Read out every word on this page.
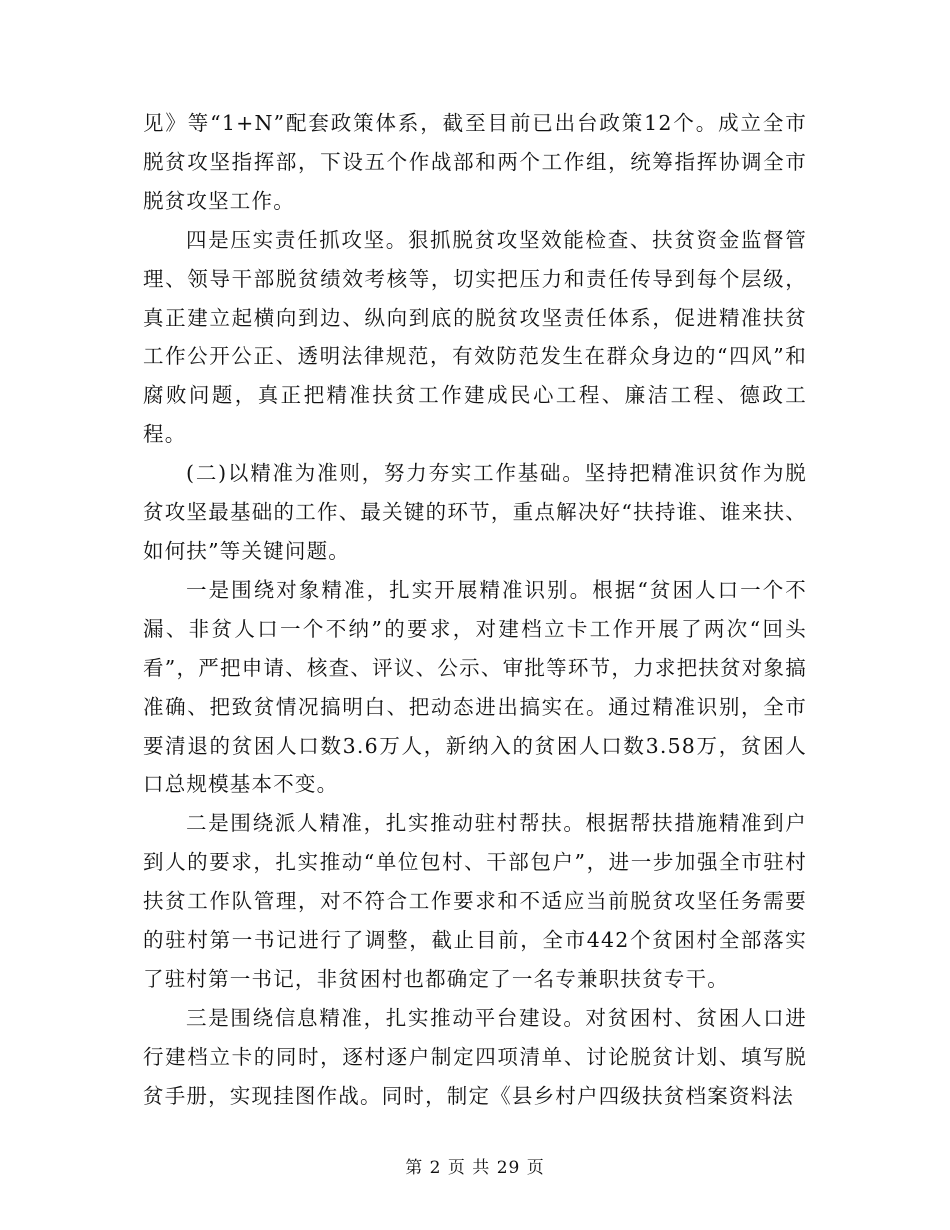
见》等“1+N”配套政策体系，截至目前已出台政策12个。成立全市脱贫攻坚指挥部，下设五个作战部和两个工作组，统筹指挥协调全市脱贫攻坚工作。

四是压实责任抓攻坚。狠抓脱贫攻坚效能检查、扶贫资金监督管理、领导干部脱贫绩效考核等，切实把压力和责任传导到每个层级，真正建立起横向到边、纵向到底的脱贫攻坚责任体系，促进精准扶贫工作公开公正、透明法律规范，有效防范发生在群众身边的“四风”和腐败问题，真正把精准扶贫工作建成民心工程、廉洁工程、德政工程。

(二)以精准为准则，努力夯实工作基础。坚持把精准识贫作为脱贫攻坚最基础的工作、最关键的环节，重点解决好“扶持谁、谁来扶、如何扶”等关键问题。

一是围绕对象精准，扎实开展精准识别。根据“贫困人口一个不漏、非贫人口一个不纳”的要求，对建档立卡工作开展了两次“回头看”，严把申请、核查、评议、公示、审批等环节，力求把扶贫对象搞准确、把致贫情况搞明白、把动态进出搞实在。通过精准识别，全市要清退的贫困人口数3.6万人，新纳入的贫困人口数3.58万，贫困人口总规模基本不变。

二是围绕派人精准，扎实推动驻村帮扶。根据帮扶措施精准到户到人的要求，扎实推动“单位包村、干部包户”，进一步加强全市驻村扶贫工作队管理，对不符合工作要求和不适应当前脱贫攻坚任务需要的驻村第一书记进行了调整，截止目前，全市442个贫困村全部落实了驻村第一书记，非贫困村也都确定了一名专兼职扶贫专干。

三是围绕信息精准，扎实推动平台建设。对贫困村、贫困人口进行建档立卡的同时，逐村逐户制定四项清单、讨论脱贫计划、填写脱贫手册，实现挂图作战。同时，制定《县乡村户四级扶贫档案资料法

第 2 页 共 29 页
